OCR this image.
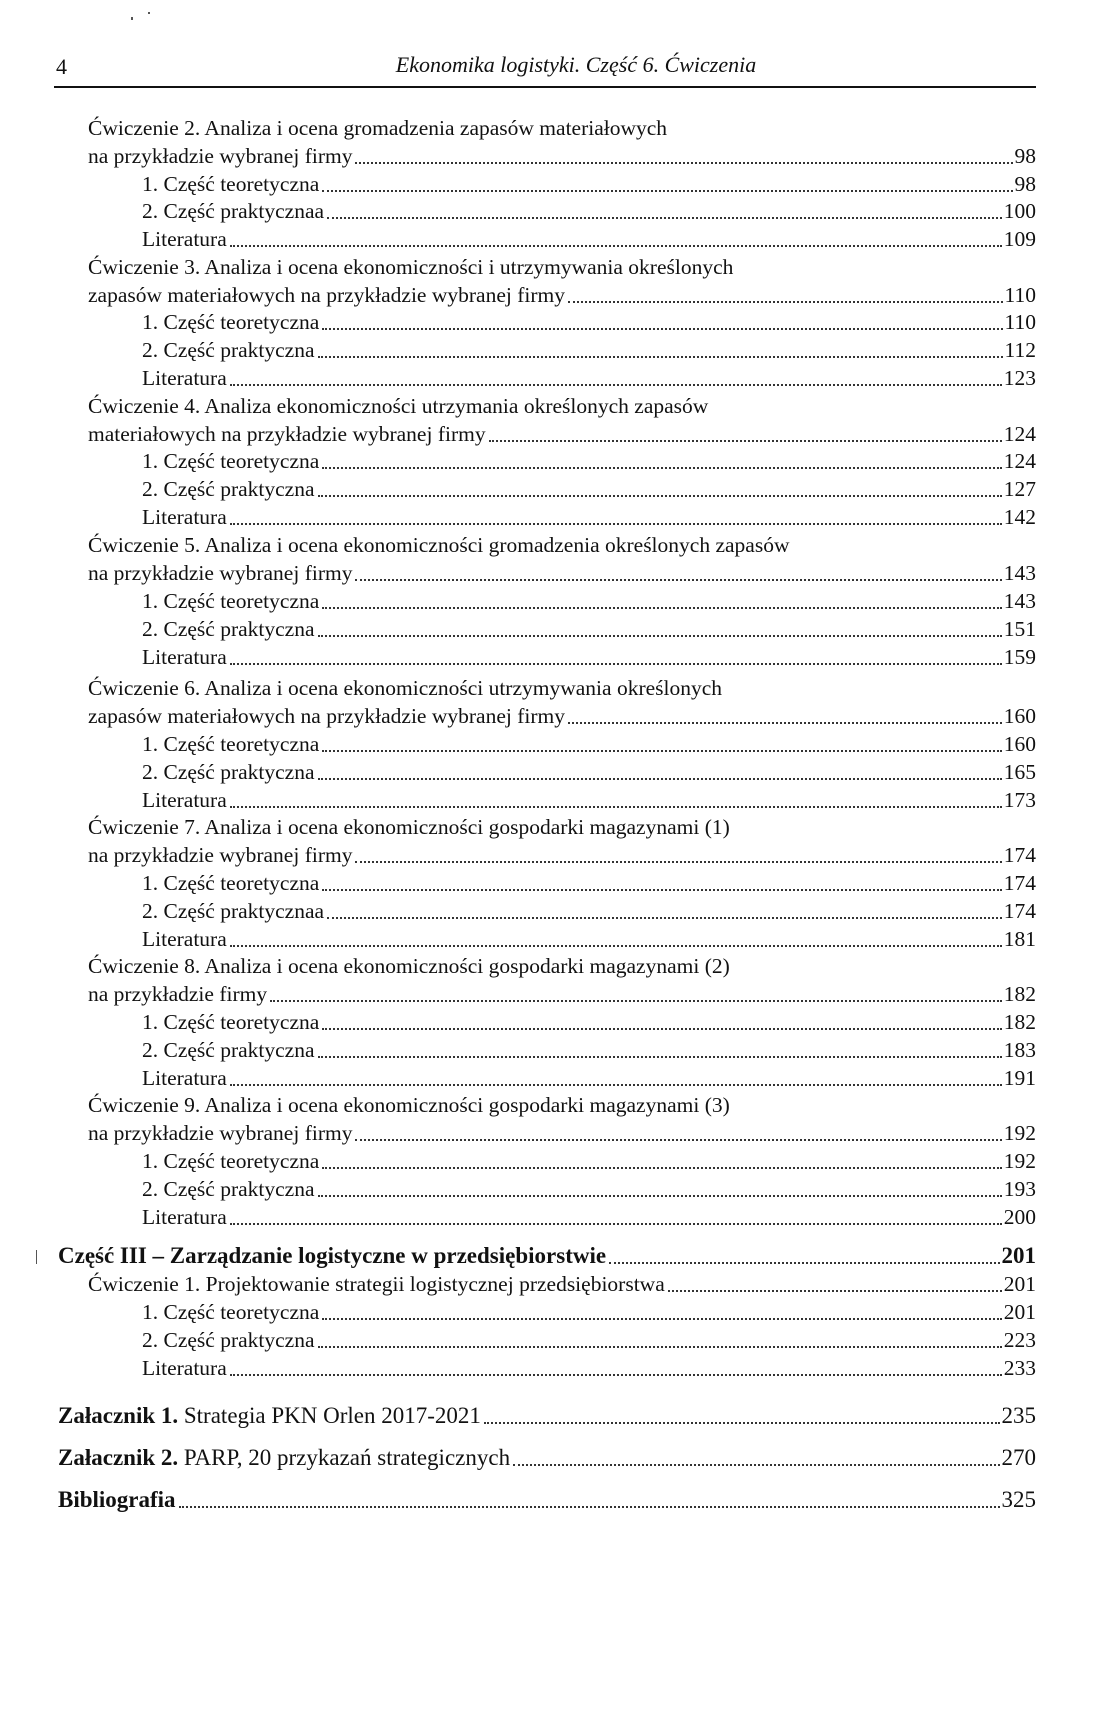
4	Ekonomika logistyki. Część 6. Ćwiczenia
Ćwiczenie 2. Analiza i ocena gromadzenia zapasów materiałowych
na przykładzie wybranej firmy	98
1. Część teoretyczna	98
2. Część praktycznaa	100
Literatura	109
Ćwiczenie 3. Analiza i ocena ekonomiczności i utrzymywania określonych
zapasów materiałowych na przykładzie wybranej firmy	110
1. Część teoretyczna	110
2. Część praktyczna	112
Literatura	123
Ćwiczenie 4. Analiza ekonomiczności utrzymania określonych zapasów
materiałowych na przykładzie wybranej firmy	124
1. Część teoretyczna	124
2. Część praktyczna	127
Literatura	142
Ćwiczenie 5. Analiza i ocena ekonomiczności gromadzenia określonych zapasów
na przykładzie wybranej firmy	143
1. Część teoretyczna	143
2. Część praktyczna	151
Literatura	159
Ćwiczenie 6. Analiza i ocena ekonomiczności utrzymywania określonych
zapasów materiałowych na przykładzie wybranej firmy	160
1. Część teoretyczna	160
2. Część praktyczna	165
Literatura	173
Ćwiczenie 7. Analiza i ocena ekonomiczności gospodarki magazynami (1)
na przykładzie wybranej firmy	174
1. Część teoretyczna	174
2. Część praktycznaa	174
Literatura	181
Ćwiczenie 8. Analiza i ocena ekonomiczności gospodarki magazynami (2)
na przykładzie firmy	182
1. Część teoretyczna	182
2. Część praktyczna	183
Literatura	191
Ćwiczenie 9. Analiza i ocena ekonomiczności gospodarki magazynami (3)
na przykładzie wybranej firmy	192
1. Część teoretyczna	192
2. Część praktyczna	193
Literatura	200
Część III – Zarządzanie logistyczne w przedsiębiorstwie	201
Ćwiczenie 1. Projektowanie strategii logistycznej przedsiębiorstwa	201
1. Część teoretyczna	201
2. Część praktyczna	223
Literatura	233
Załacznik 1. Strategia PKN Orlen 2017-2021	235
Załacznik 2. PARP, 20 przykazań strategicznych	270
Bibliografia	325
